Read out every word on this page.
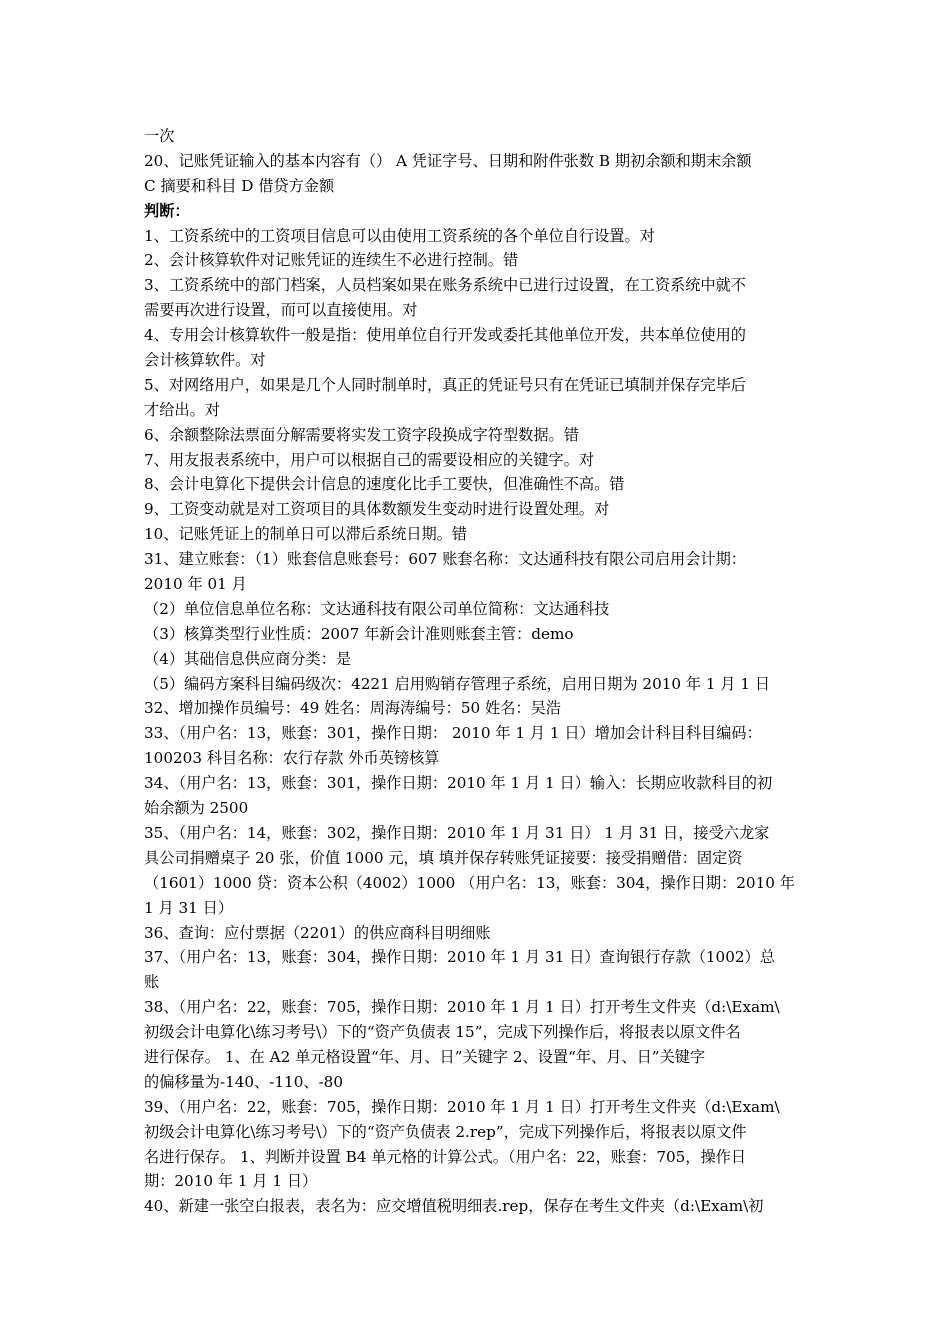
一次
20、记账凭证输入的基本内容有（） A 凭证字号、日期和附件张数 B 期初余额和期末余额
C 摘要和科目 D 借贷方金额
判断：
1、工资系统中的工资项目信息可以由使用工资系统的各个单位自行设置。对
2、会计核算软件对记账凭证的连续生不必进行控制。错
3、工资系统中的部门档案，人员档案如果在账务系统中已进行过设置，在工资系统中就不
需要再次进行设置，而可以直接使用。对
4、专用会计核算软件一般是指：使用单位自行开发或委托其他单位开发，共本单位使用的
会计核算软件。对
5、对网络用户，如果是几个人同时制单时，真正的凭证号只有在凭证已填制并保存完毕后
才给出。对
6、余额整除法票面分解需要将实发工资字段换成字符型数据。错
7、用友报表系统中，用户可以根据自己的需要设相应的关键字。对
8、会计电算化下提供会计信息的速度化比手工要快，但准确性不高。错
9、工资变动就是对工资项目的具体数额发生变动时进行设置处理。对
10、记账凭证上的制单日可以滞后系统日期。错
31、建立账套：（1）账套信息账套号：607 账套名称：文达通科技有限公司启用会计期：
2010 年 01 月
（2）单位信息单位名称：文达通科技有限公司单位简称：文达通科技
（3）核算类型行业性质：2007 年新会计准则账套主管：demo
（4）其础信息供应商分类：是
（5）编码方案科目编码级次：4221 启用购销存管理子系统，启用日期为 2010 年 1 月 1 日
32、增加操作员编号：49 姓名：周海涛编号：50 姓名：吴浩
33、（用户名：13，账套：301，操作日期： 2010 年 1 月 1 日）增加会计科目科目编码：
100203 科目名称：农行存款 外币英镑核算
34、（用户名：13，账套：301，操作日期：2010 年 1 月 1 日）输入：长期应收款科目的初
始余额为 2500
35、（用户名：14，账套：302，操作日期：2010 年 1 月 31 日） 1 月 31 日，接受六龙家
具公司捐赠桌子 20 张，价值 1000 元，填 填并保存转账凭证接要：接受捐赠借：固定资
（1601）1000 贷：资本公积（4002）1000 （用户名：13，账套：304，操作日期：2010 年
1 月 31 日）
36、查询：应付票据（2201）的供应商科目明细账
37、（用户名：13，账套：304，操作日期：2010 年 1 月 31 日）查询银行存款（1002）总
账
38、（用户名：22，账套：705，操作日期：2010 年 1 月 1 日）打开考生文件夹（d:\Exam\
初级会计电算化\练习考号\）下的“资产负债表 15”，完成下列操作后，将报表以原文件名
进行保存。 1、在 A2 单元格设置“年、月、日”关键字 2、设置“年、月、日”关键字
的偏移量为-140、-110、-80
39、（用户名：22，账套：705，操作日期：2010 年 1 月 1 日）打开考生文件夹（d:\Exam\
初级会计电算化\练习考号\）下的“资产负债表 2.rep”，完成下列操作后，将报表以原文件
名进行保存。 1、判断并设置 B4 单元格的计算公式。（用户名：22，账套：705，操作日
期：2010 年 1 月 1 日）
40、新建一张空白报表，表名为：应交增值税明细表.rep，保存在考生文件夹（d:\Exam\初
